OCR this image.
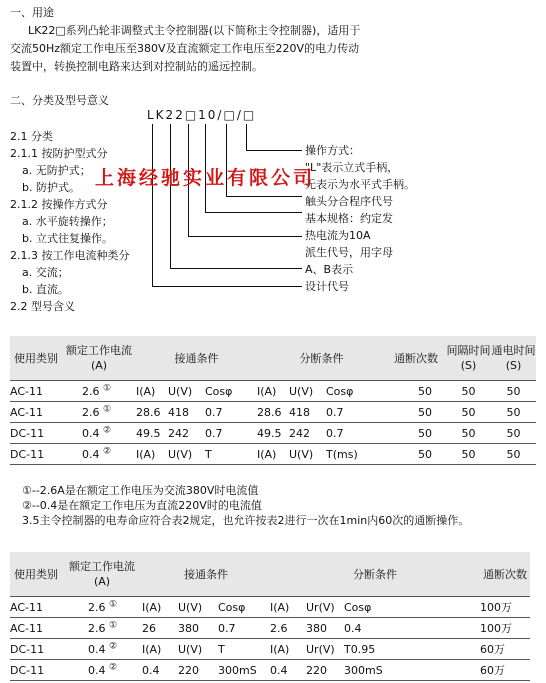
一、用途
LK22□系列凸轮非调整式主令控制器(以下简称主令控制器)，适用于
交流50Hz额定工作电压至380V及直流额定工作电压至220V的电力传动
装置中，转换控制电路来达到对控制站的遥远控制。
二、分类及型号意义
LK22□10/□/□
2.1 分类
2.1.1 按防护型式分
a. 无防护式；
b. 防护式。
2.1.2 按操作方式分
a. 水平旋转操作；
b. 立式往复操作。
2.1.3 按工作电流种类分
a. 交流；
b. 直流。
2.2 型号含义
操作方式：
"L"表示立式手柄，
无表示为水平式手柄。
触头分合程序代号
基本规格：约定发
热电流为10A
派生代号，用字母
A、B表示
设计代号
上海经驰实业有限公司
使用类别	额定工作电流(A)	接通条件			分断条件			通断次数	间隔时间(S)	通电时间(S)
AC-11	2.6 ①	I(A)	U(V)	Cosφ	I(A)	U(V)	Cosφ	50	50	50
AC-11	2.6 ①	28.6	418	0.7	28.6	418	0.7	50	50	50
DC-11	0.4 ②	49.5	242	0.7	49.5	242	0.7	50	50	50
DC-11	0.4 ②	I(A)	U(V)	T	I(A)	U(V)	T(ms)	50	50	50
①--2.6A是在额定工作电压为交流380V时电流值
②--0.4是在额定工作电压为直流220V时的电流值
3.5主令控制器的电寿命应符合表2规定，也允许按表2进行一次在1min内60次的通断操作。
使用类别	额定工作电流(A)	接通条件			分断条件			通断次数
AC-11	2.6 ①	I(A)	U(V)	Cosφ	I(A)	Ur(V)	Cosφ	100万
AC-11	2.6 ①	26	380	0.7	2.6	380	0.4	100万
DC-11	0.4 ②	I(A)	U(V)	T	I(A)	Ur(V)	T0.95	60万
DC-11	0.4 ②	0.4	220	300mS	0.4	220	300mS	60万
